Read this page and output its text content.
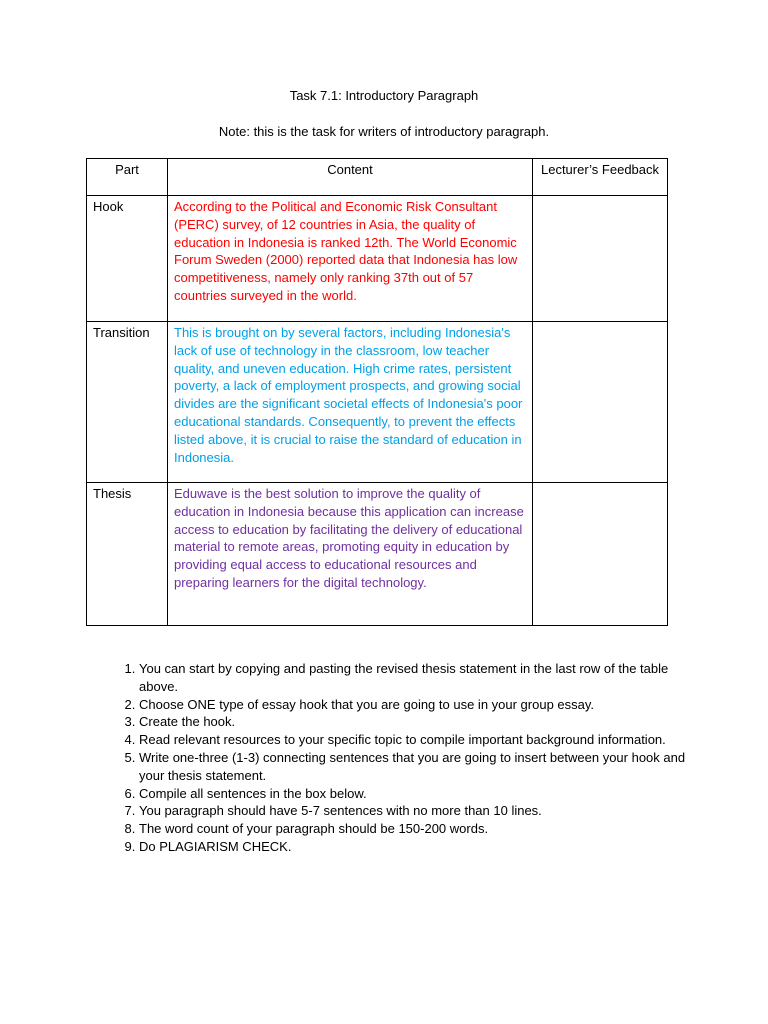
Task 7.1: Introductory Paragraph
Note: this is the task for writers of introductory paragraph.
Part	Content	Lecturer’s Feedback
Hook	According to the Political and Economic Risk Consultant (PERC) survey, of 12 countries in Asia, the quality of education in Indonesia is ranked 12th. The World Economic Forum Sweden (2000) reported data that Indonesia has low competitiveness, namely only ranking 37th out of 57 countries surveyed in the world.	
Transition	This is brought on by several factors, including Indonesia's lack of use of technology in the classroom, low teacher quality, and uneven education. High crime rates, persistent poverty, a lack of employment prospects, and growing social divides are the significant societal effects of Indonesia's poor educational standards. Consequently, to prevent the effects listed above, it is crucial to raise the standard of education in Indonesia.	
Thesis	Eduwave is the best solution to improve the quality of education in Indonesia because this application can increase access to education by facilitating the delivery of educational material to remote areas, promoting equity in education by providing equal access to educational resources and preparing learners for the digital technology.	
1. You can start by copying and pasting the revised thesis statement in the last row of the table above.
2. Choose ONE type of essay hook that you are going to use in your group essay.
3. Create the hook.
4. Read relevant resources to your specific topic to compile important background information.
5. Write one-three (1-3) connecting sentences that you are going to insert between your hook and your thesis statement.
6. Compile all sentences in the box below.
7. You paragraph should have 5-7 sentences with no more than 10 lines.
8. The word count of your paragraph should be 150-200 words.
9. Do PLAGIARISM CHECK.
